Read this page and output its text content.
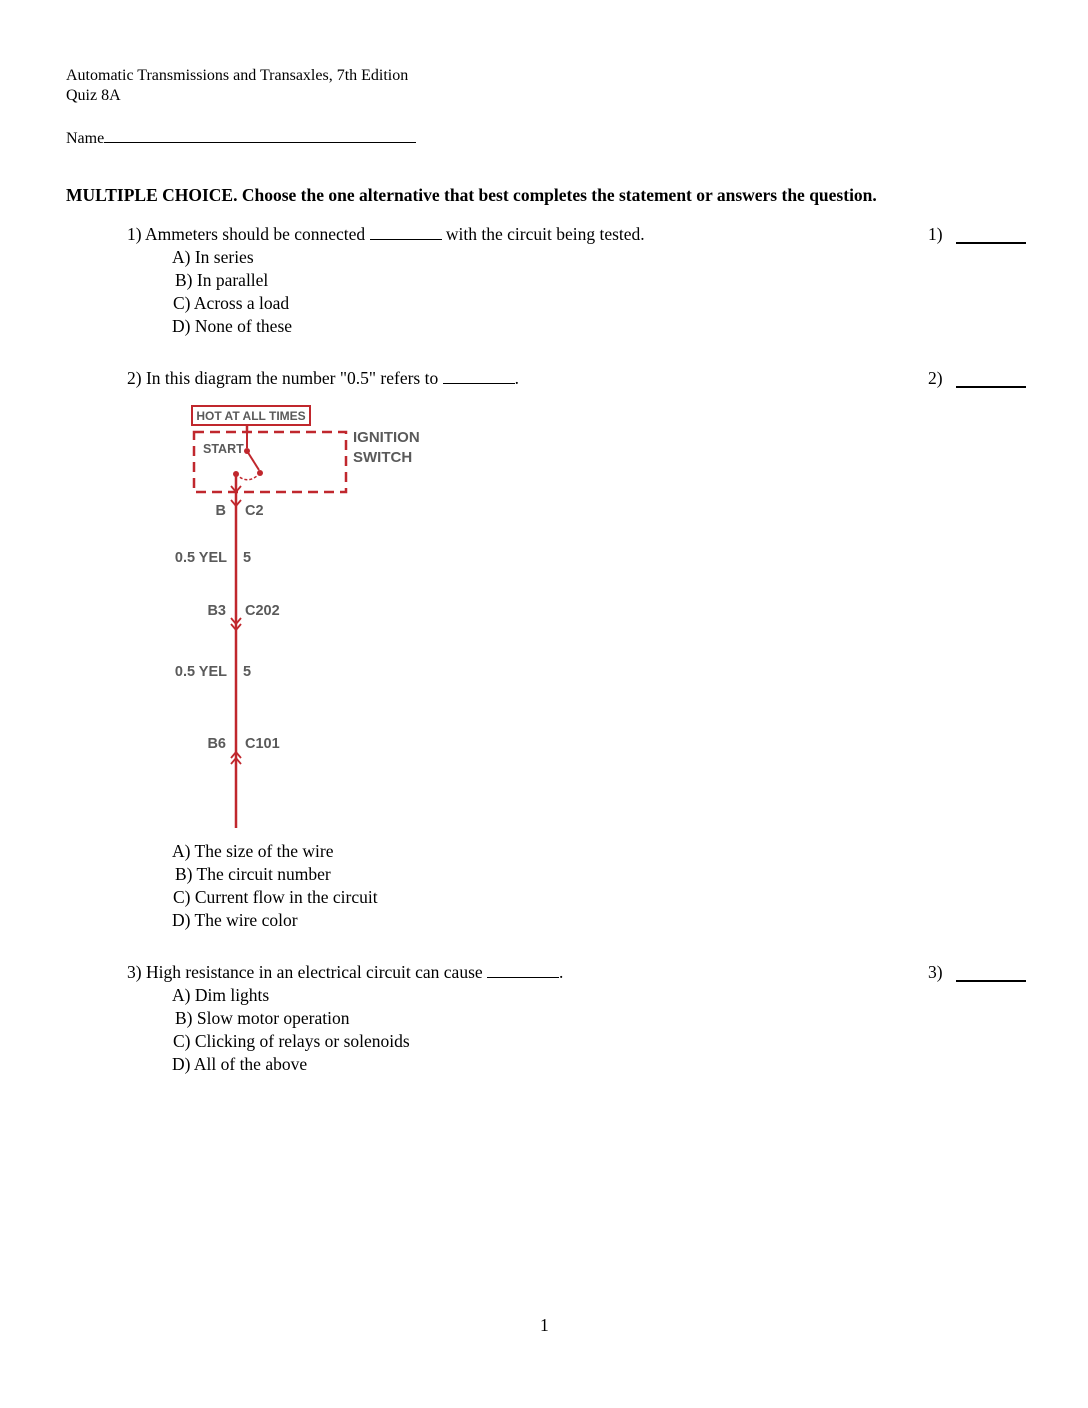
Automatic Transmissions and Transaxles, 7th Edition
Quiz 8A
Name
MULTIPLE CHOICE. Choose the one alternative that best completes the statement or answers the question.
1) Ammeters should be connected	with the circuit being tested.	1)
A) In series
B) In parallel
C) Across a load
D) None of these
2) In this diagram the number "0.5" refers to	.	2)
HOT AT ALL TIMES
START
IGNITION
SWITCH
B C2
0.5 YEL 5
B3 C202
0.5 YEL 5
B6 C101
A) The size of the wire
B) The circuit number
C) Current flow in the circuit
D) The wire color
3) High resistance in an electrical circuit can cause	.	3)
A) Dim lights
B) Slow motor operation
C) Clicking of relays or solenoids
D) All of the above
1
